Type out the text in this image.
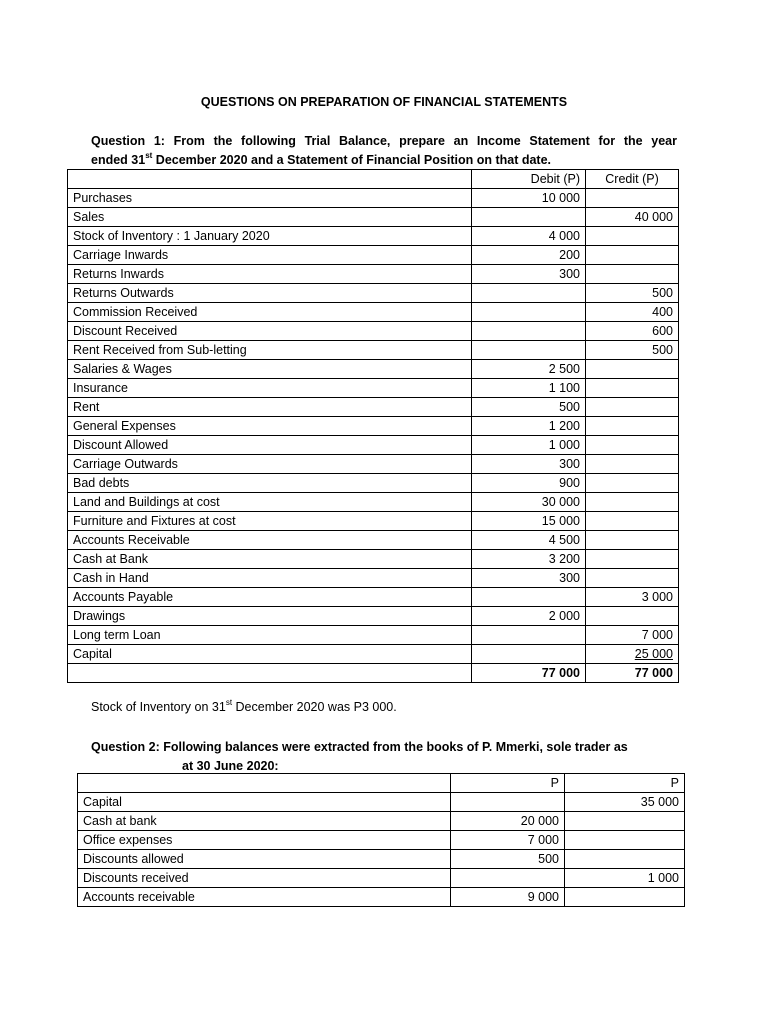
QUESTIONS ON PREPARATION OF FINANCIAL STATEMENTS
Question 1: From the following Trial Balance, prepare an Income Statement for the year
ended 31st December 2020 and a Statement of Financial Position on that date.
	Debit (P)	Credit (P)
Purchases	10 000	
Sales		40 000
Stock of Inventory : 1 January 2020	4 000	
Carriage Inwards	200	
Returns Inwards	300	
Returns Outwards		500
Commission Received		400
Discount Received		600
Rent Received from Sub-letting		500
Salaries & Wages	2 500	
Insurance	1 100	
Rent	500	
General Expenses	1 200	
Discount Allowed	1 000	
Carriage Outwards	300	
Bad debts	900	
Land and Buildings at cost	30 000	
Furniture and Fixtures at cost	15 000	
Accounts Receivable	4 500	
Cash at Bank	3 200	
Cash in Hand	300	
Accounts Payable		3 000
Drawings	2 000	
Long term Loan		7 000
Capital		25 000
	77 000	77 000
Stock of Inventory on 31st December 2020 was P3 000.
Question 2: Following balances were extracted from the books of P. Mmerki, sole trader as
at 30 June 2020:
	P	P
Capital		35 000
Cash at bank	20 000	
Office expenses	7 000	
Discounts allowed	500	
Discounts received		1 000
Accounts receivable	9 000	
